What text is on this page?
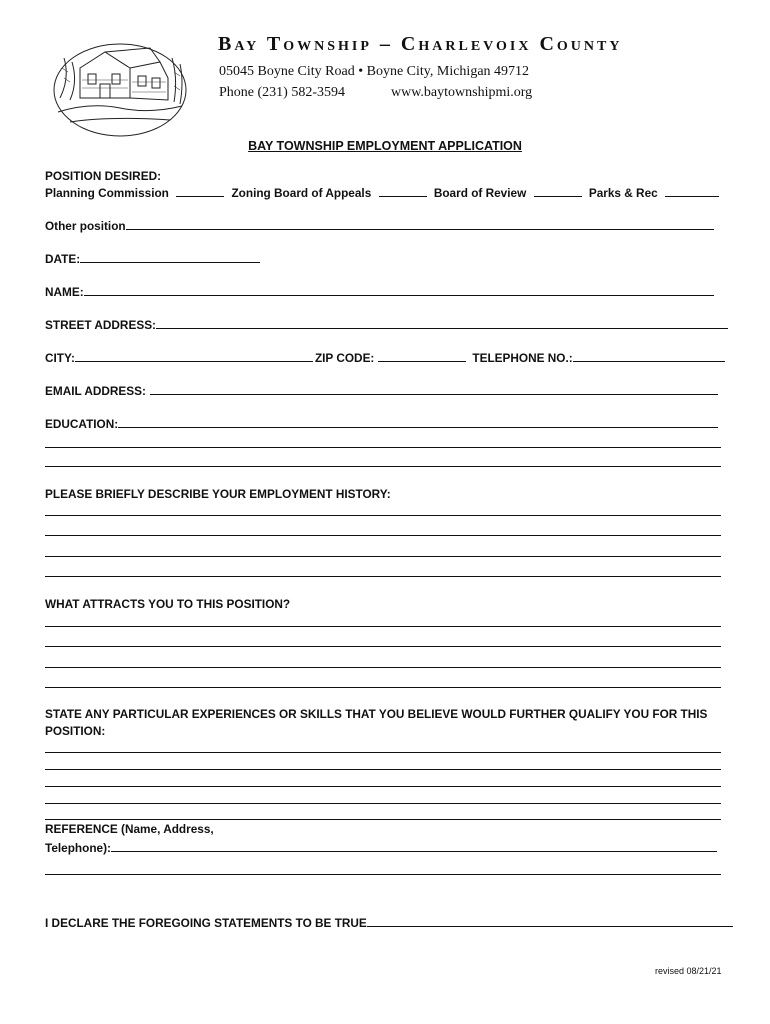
Bay Township – Charlevoix County
05045 Boyne City Road • Boyne City, Michigan 49712
Phone (231) 582-3594	www.baytownshipmi.org
BAY TOWNSHIP EMPLOYMENT APPLICATION
POSITION DESIRED:
Planning Commission	Zoning Board of Appeals	Board of Review	Parks & Rec
Other position
DATE:
NAME:
STREET ADDRESS:
CITY:	ZIP CODE:	TELEPHONE NO.:
EMAIL ADDRESS:
EDUCATION:
PLEASE BRIEFLY DESCRIBE YOUR EMPLOYMENT HISTORY:
WHAT ATTRACTS YOU TO THIS POSITION?
STATE ANY PARTICULAR EXPERIENCES OR SKILLS THAT YOU BELIEVE WOULD FURTHER QUALIFY YOU FOR THIS
POSITION:
REFERENCE (Name, Address,
Telephone):
I DECLARE THE FOREGOING STATEMENTS TO BE TRUE
revised 08/21/21
